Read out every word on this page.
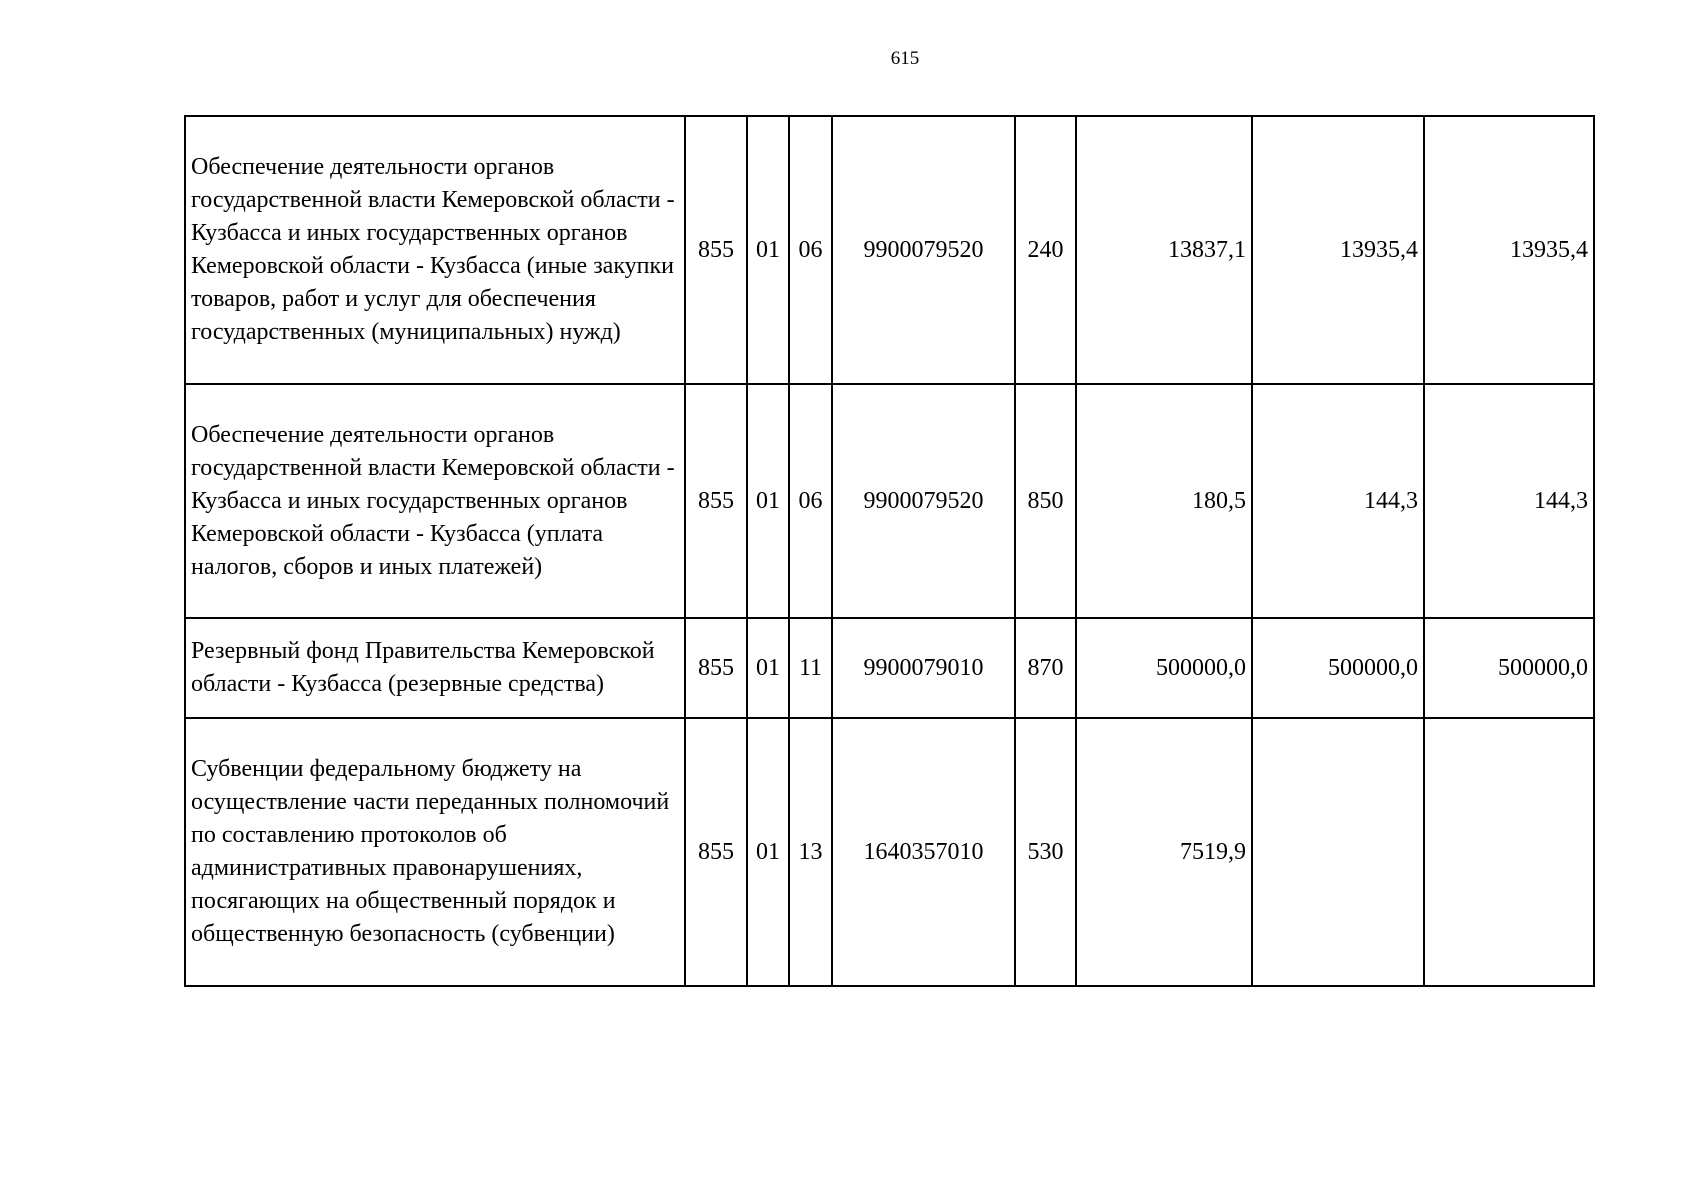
615
Обеспечение деятельности органов государственной власти Кемеровской области - Кузбасса и иных государственных органов Кемеровской области - Кузбасса (иные закупки товаров, работ и услуг для обеспечения государственных (муниципальных) нужд)	855	01	06	9900079520	240	13837,1	13935,4	13935,4
Обеспечение деятельности органов государственной власти Кемеровской области - Кузбасса и иных государственных органов Кемеровской области - Кузбасса (уплата налогов, сборов и иных платежей)	855	01	06	9900079520	850	180,5	144,3	144,3
Резервный фонд Правительства Кемеровской области - Кузбасса (резервные средства)	855	01	11	9900079010	870	500000,0	500000,0	500000,0
Субвенции федеральному бюджету на осуществление части переданных полномочий по составлению протоколов об административных правонарушениях, посягающих на общественный порядок и общественную безопасность (субвенции)	855	01	13	1640357010	530	7519,9		
